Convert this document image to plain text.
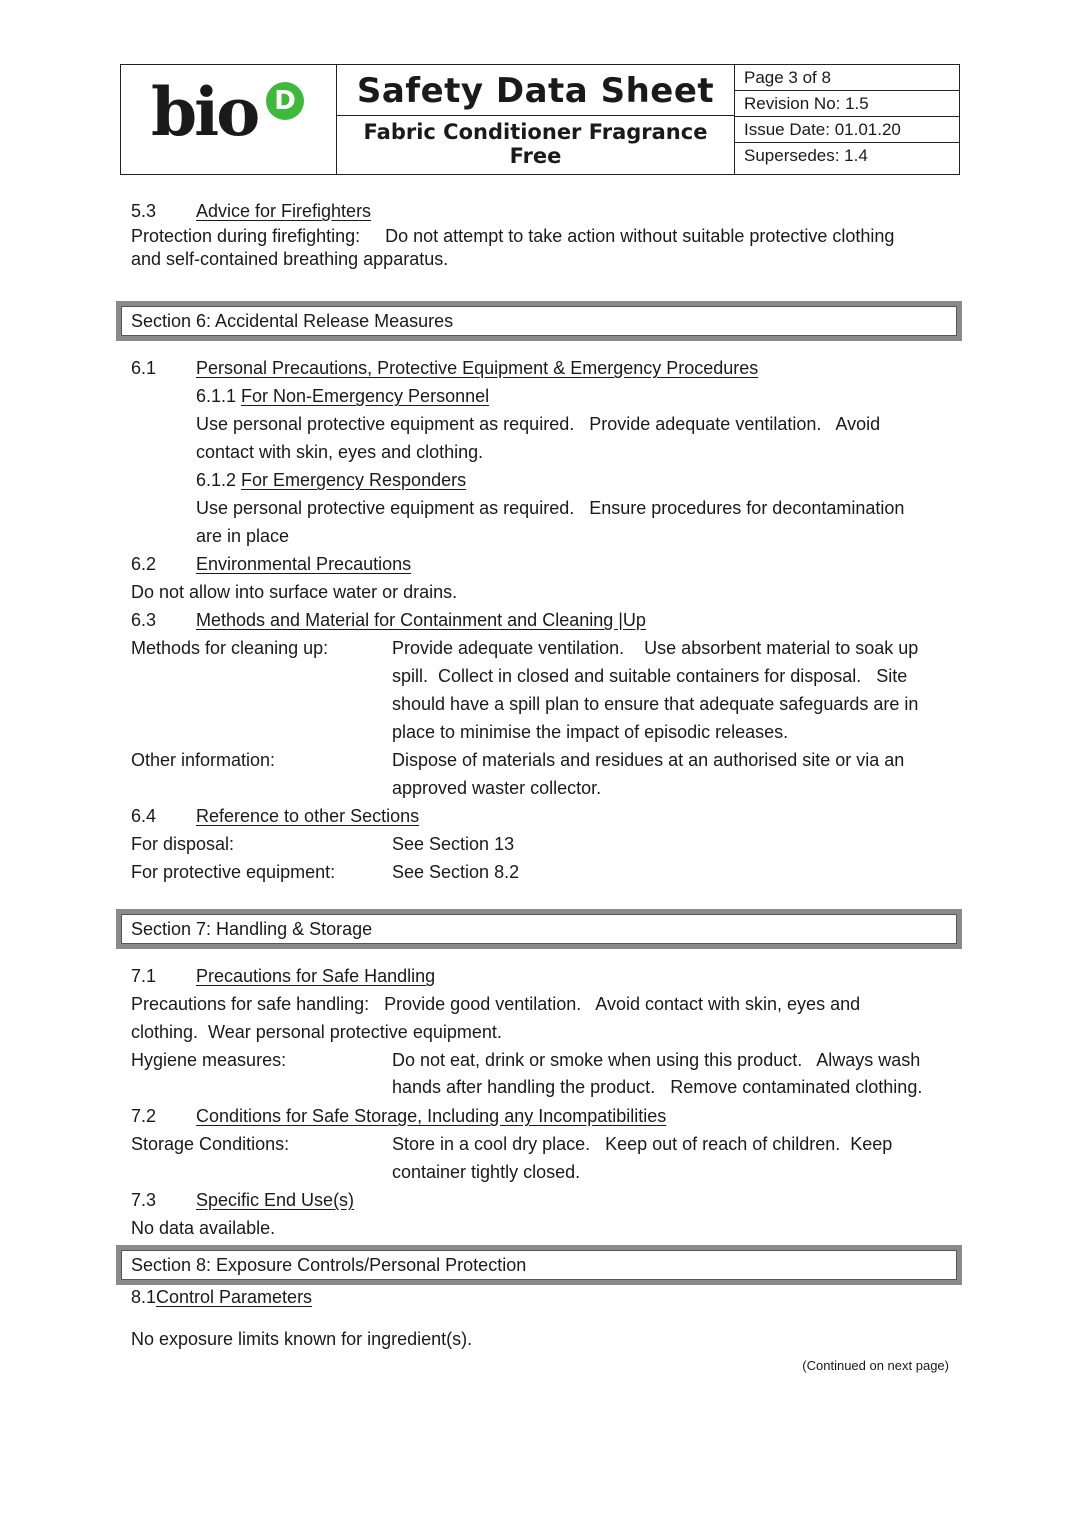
bio D	Safety Data Sheet
Fabric Conditioner Fragrance Free
Page 3 of 8
Revision No: 1.5
Issue Date: 01.01.20
Supersedes: 1.4
5.3 Advice for Firefighters
Protection during firefighting:     Do not attempt to take action without suitable protective clothing
and self-contained breathing apparatus.
Section 6: Accidental Release Measures
6.1 Personal Precautions, Protective Equipment & Emergency Procedures
6.1.1 For Non-Emergency Personnel
Use personal protective equipment as required.   Provide adequate ventilation.   Avoid
contact with skin, eyes and clothing.
6.1.2 For Emergency Responders
Use personal protective equipment as required.   Ensure procedures for decontamination
are in place
6.2 Environmental Precautions
Do not allow into surface water or drains.
6.3 Methods and Material for Containment and Cleaning |Up
Methods for cleaning up:	Provide adequate ventilation.    Use absorbent material to soak up
spill.  Collect in closed and suitable containers for disposal.   Site
should have a spill plan to ensure that adequate safeguards are in
place to minimise the impact of episodic releases.
Other information:	Dispose of materials and residues at an authorised site or via an
approved waster collector.
6.4 Reference to other Sections
For disposal:	See Section 13
For protective equipment:	See Section 8.2
Section 7: Handling & Storage
7.1 Precautions for Safe Handling
Precautions for safe handling:   Provide good ventilation.   Avoid contact with skin, eyes and
clothing.  Wear personal protective equipment.
Hygiene measures:	Do not eat, drink or smoke when using this product.   Always wash
hands after handling the product.   Remove contaminated clothing.
7.2 Conditions for Safe Storage, Including any Incompatibilities
Storage Conditions:	Store in a cool dry place.   Keep out of reach of children.  Keep
container tightly closed.
7.3 Specific End Use(s)
No data available.
Section 8: Exposure Controls/Personal Protection
8.1 Control Parameters
No exposure limits known for ingredient(s).
(Continued on next page)
